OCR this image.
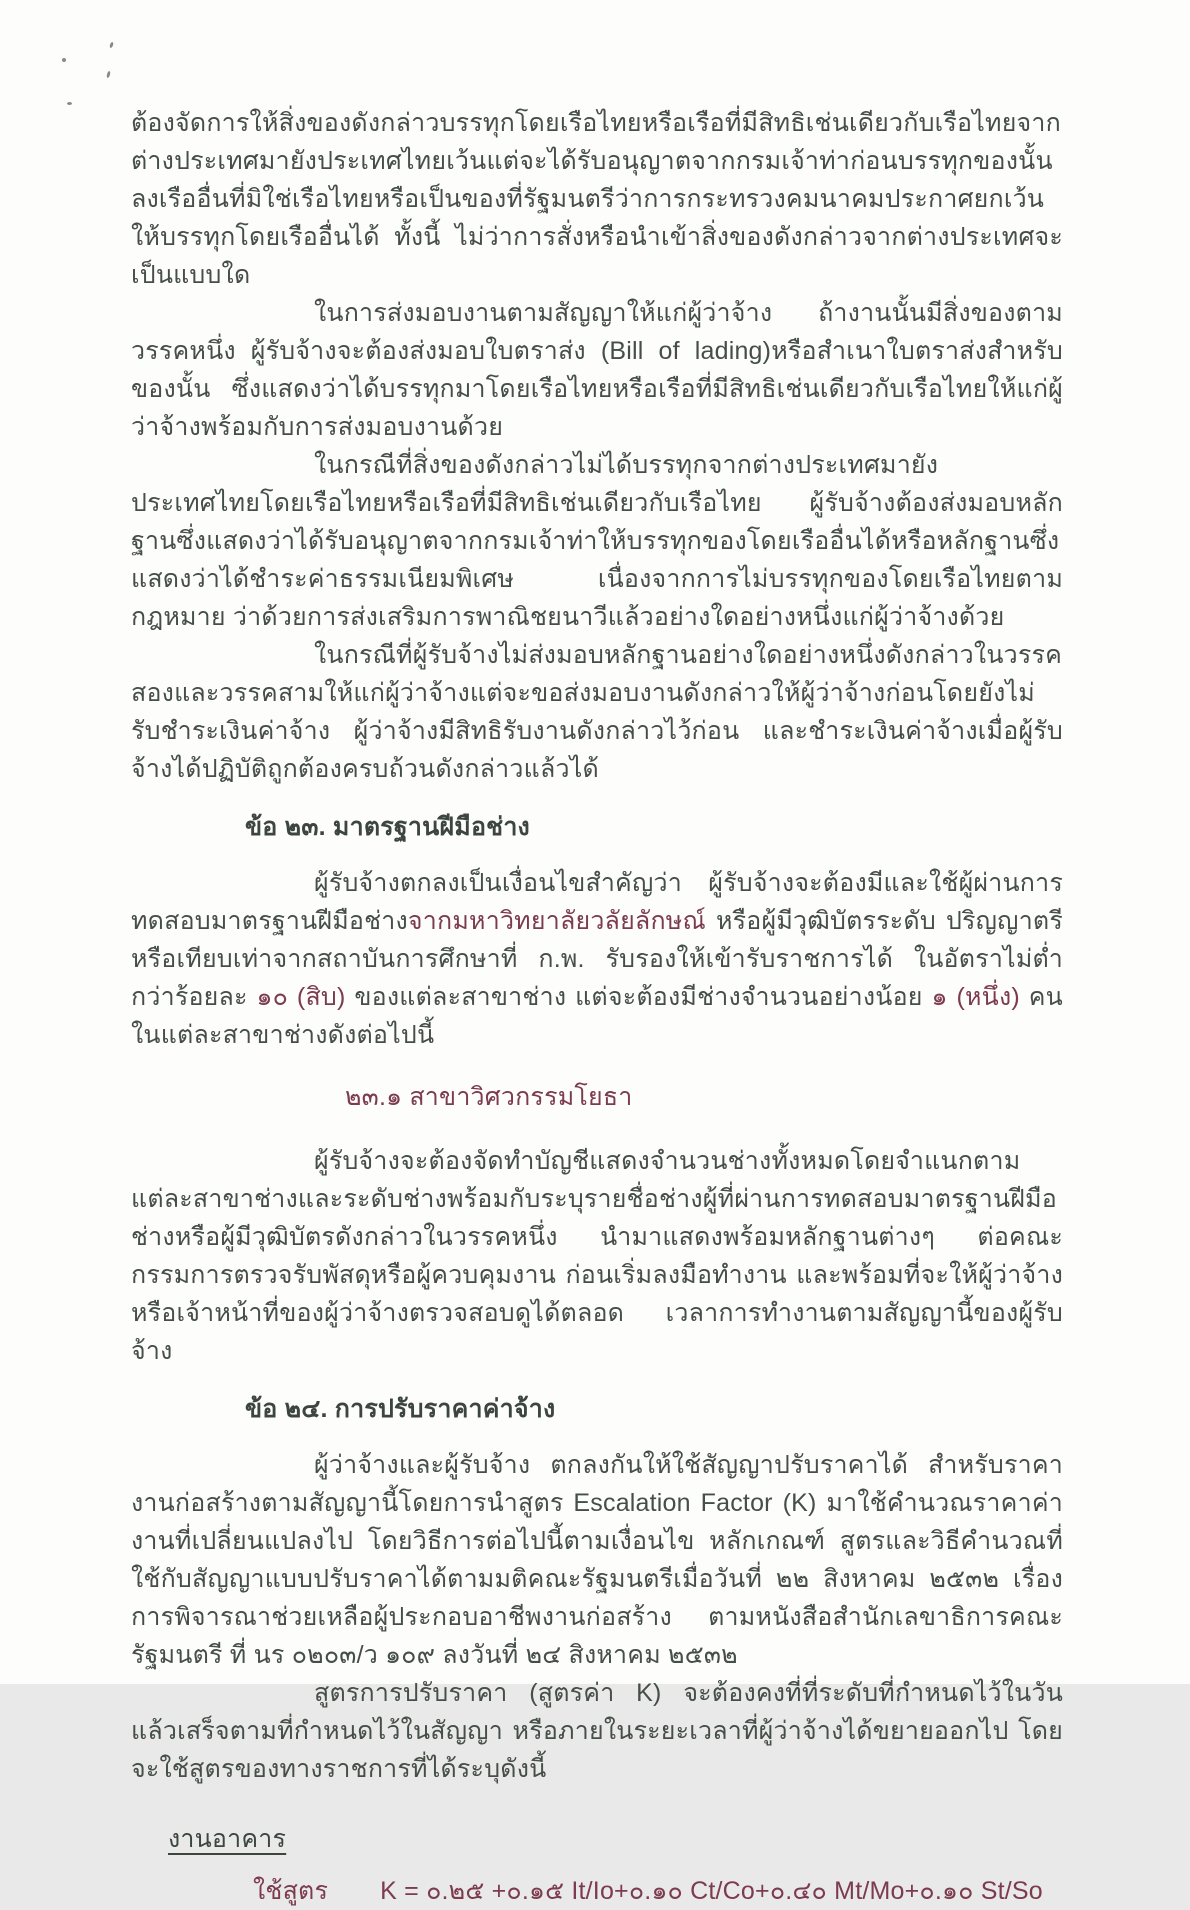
ต้องจัดการให้สิ่งของดังกล่าวบรรทุกโดยเรือไทยหรือเรือที่มีสิทธิเช่นเดียวกับเรือไทยจากต่างประเทศมายังประเทศไทยเว้นแต่จะได้รับอนุญาตจากกรมเจ้าท่าก่อนบรรทุกของนั้นลงเรืออื่นที่มิใช่เรือไทยหรือเป็นของที่รัฐมนตรีว่าการกระทรวงคมนาคมประกาศยกเว้นให้บรรทุกโดยเรืออื่นได้ ทั้งนี้ ไม่ว่าการสั่งหรือนำเข้าสิ่งของดังกล่าวจากต่างประเทศจะเป็นแบบใด

ในการส่งมอบงานตามสัญญาให้แก่ผู้ว่าจ้าง ถ้างานนั้นมีสิ่งของตามวรรคหนึ่ง ผู้รับจ้างจะต้องส่งมอบใบตราส่ง (Bill of lading)หรือสำเนาใบตราส่งสำหรับของนั้น ซึ่งแสดงว่าได้บรรทุกมาโดยเรือไทยหรือเรือที่มีสิทธิเช่นเดียวกับเรือไทยให้แก่ผู้ว่าจ้างพร้อมกับการส่งมอบงานด้วย

ในกรณีที่สิ่งของดังกล่าวไม่ได้บรรทุกจากต่างประเทศมายังประเทศไทยโดยเรือไทยหรือเรือที่มีสิทธิเช่นเดียวกับเรือไทย ผู้รับจ้างต้องส่งมอบหลักฐานซึ่งแสดงว่าได้รับอนุญาตจากกรมเจ้าท่าให้บรรทุกของโดยเรืออื่นได้หรือหลักฐานซึ่งแสดงว่าได้ชำระค่าธรรมเนียมพิเศษ เนื่องจากการไม่บรรทุกของโดยเรือไทยตามกฎหมาย ว่าด้วยการส่งเสริมการพาณิชยนาวีแล้วอย่างใดอย่างหนึ่งแก่ผู้ว่าจ้างด้วย

ในกรณีที่ผู้รับจ้างไม่ส่งมอบหลักฐานอย่างใดอย่างหนึ่งดังกล่าวในวรรคสองและวรรคสามให้แก่ผู้ว่าจ้างแต่จะขอส่งมอบงานดังกล่าวให้ผู้ว่าจ้างก่อนโดยยังไม่รับชำระเงินค่าจ้าง ผู้ว่าจ้างมีสิทธิรับงานดังกล่าวไว้ก่อน และชำระเงินค่าจ้างเมื่อผู้รับจ้างได้ปฏิบัติถูกต้องครบถ้วนดังกล่าวแล้วได้

ข้อ ๒๓. มาตรฐานฝีมือช่าง

ผู้รับจ้างตกลงเป็นเงื่อนไขสำคัญว่า ผู้รับจ้างจะต้องมีและใช้ผู้ผ่านการทดสอบมาตรฐานฝีมือช่างจากมหาวิทยาลัยวลัยลักษณ์ หรือผู้มีวุฒิบัตรระดับ ปริญญาตรี หรือเทียบเท่าจากสถาบันการศึกษาที่ ก.พ. รับรองให้เข้ารับราชการได้ ในอัตราไม่ต่ำกว่าร้อยละ ๑๐ (สิบ) ของแต่ละสาขาช่าง แต่จะต้องมีช่างจำนวนอย่างน้อย ๑ (หนึ่ง) คน ในแต่ละสาขาช่างดังต่อไปนี้

๒๓.๑ สาขาวิศวกรรมโยธา

ผู้รับจ้างจะต้องจัดทำบัญชีแสดงจำนวนช่างทั้งหมดโดยจำแนกตามแต่ละสาขาช่างและระดับช่างพร้อมกับระบุรายชื่อช่างผู้ที่ผ่านการทดสอบมาตรฐานฝีมือช่างหรือผู้มีวุฒิบัตรดังกล่าวในวรรคหนึ่ง นำมาแสดงพร้อมหลักฐานต่างๆ ต่อคณะกรรมการตรวจรับพัสดุหรือผู้ควบคุมงาน ก่อนเริ่มลงมือทำงาน และพร้อมที่จะให้ผู้ว่าจ้างหรือเจ้าหน้าที่ของผู้ว่าจ้างตรวจสอบดูได้ตลอด เวลาการทำงานตามสัญญานี้ของผู้รับจ้าง

ข้อ ๒๔. การปรับราคาค่าจ้าง

ผู้ว่าจ้างและผู้รับจ้าง ตกลงกันให้ใช้สัญญาปรับราคาได้ สำหรับราคางานก่อสร้างตามสัญญานี้โดยการนำสูตร Escalation Factor (K) มาใช้คำนวณราคาค่างานที่เปลี่ยนแปลงไป โดยวิธีการต่อไปนี้ตามเงื่อนไข หลักเกณฑ์ สูตรและวิธีคำนวณที่ใช้กับสัญญาแบบปรับราคาได้ตามมติคณะรัฐมนตรีเมื่อวันที่ ๒๒ สิงหาคม ๒๕๓๒ เรื่องการพิจารณาช่วยเหลือผู้ประกอบอาชีพงานก่อสร้าง ตามหนังสือสำนักเลขาธิการคณะรัฐมนตรี ที่ นร ๐๒๐๓/ว ๑๐๙ ลงวันที่ ๒๔ สิงหาคม ๒๕๓๒

สูตรการปรับราคา (สูตรค่า K) จะต้องคงที่ที่ระดับที่กำหนดไว้ในวันแล้วเสร็จตามที่กำหนดไว้ในสัญญา หรือภายในระยะเวลาที่ผู้ว่าจ้างได้ขยายออกไป โดยจะใช้สูตรของทางราชการที่ได้ระบุดังนี้

งานอาคาร

ใช้สูตร K = ๐.๒๕ +๐.๑๕ It/Io+๐.๑๐ Ct/Co+๐.๔๐ Mt/Mo+๐.๑๐ St/So
